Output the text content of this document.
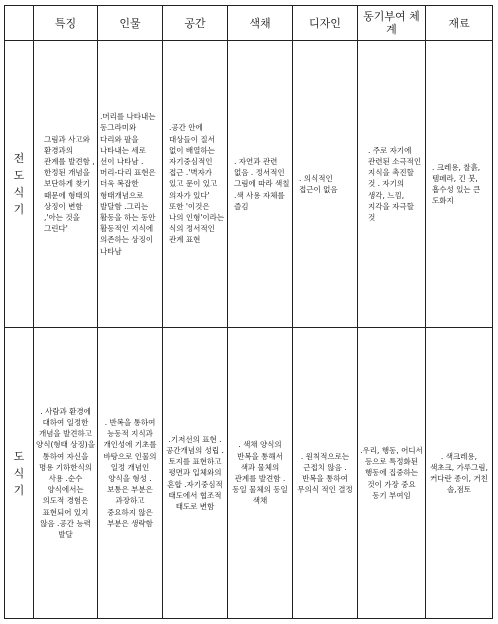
	특징	인물	공간	색채	디자인	동기부여 체계	재료

전
도
식
기	그림과 사고와 환경과의 관계를 발견함 ,한정된 개념을 보단하게 찾기 때문에 형태의 상징이 변함 ,'아는 것을 그린다'	.머리를 나타내는 동그라미와 다리와 팔을 나타내는 세로 선이 나타남 .머리-다리 표현은 더욱 복잡한 형태개념으로 발달함 .그리는 활동을 하는 동안 활동적인 지식에 의존하는 상징이 나타남	.공간 안에 대상들이 질서 없이 배열하는 자기중심적인 접근 .'벽자가 있고 문이 있고 의자가 있다' 또한 '이것은 나의 인형'이라는 식의 정서적인 관계 표현	. 자연과 관련 없음 . 정서적인 그림에 따라 색칠 .색 사용 자체를 즐김	. 의식적인 접근이 없음	. 주로 자기에 관련된 소극적인 지식을 촉진할 것 . 자기의 생각, 느낌, 지각을 자극할 것	. 크레용, 찰흙, 템페라, 긴 붓, 흡수성 있는 큰 도화지

도
식
기	. 사람과 환경에 대하여 일정한 개념을 발견하고 양식(형태 상징)을 통하여 자신을 명용 기하한식의 사용 .순수 양식에서는 의도적 경험은 표현되어 있지 않음 .공간 능력 발달	. 반복을 통하여 능동적 지식과 개인성에 기초를 바탕으로 인물의 일정 개념인 양식을 형성 .보통은 부분은 과장하고 중요하지 않은 부분은 생략함	.기저선의 표현 .공간개념의 성립 .토지를 표현하고 평면과 입체와의 혼합 .자기중심적 태도에서 협조적 태도로 변함	. 색채 양식의 반복을 통해서 색과 물체의 관계를 발견함 . 동일 물체의 동일 색채	. 원칙적으로는 근접치 않음 . 반복을 통하여 무의식 적인 결정	.우리, 행동, 어디서 등으로 특정화된 행동에 집중하는 것이 가장 중요 동기 부여임	. 색크레용, 색초크, 가루그림, 커다란 종이, 거친 솔,점토
